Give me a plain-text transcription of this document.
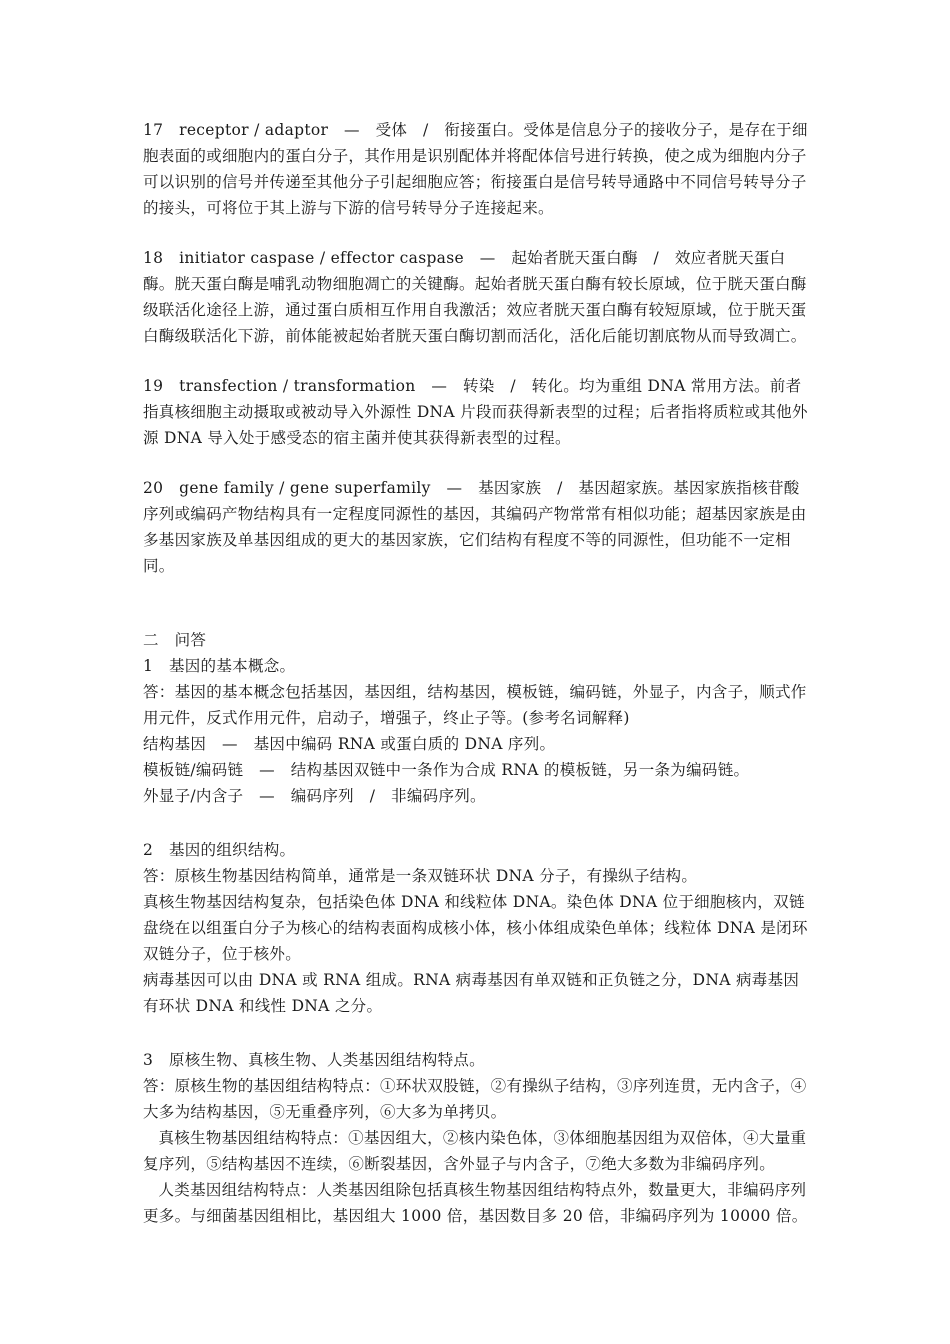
17　receptor / adaptor　—　受体　/　衔接蛋白。受体是信息分子的接收分子，是存在于细胞表面的或细胞内的蛋白分子，其作用是识别配体并将配体信号进行转换，使之成为细胞内分子可以识别的信号并传递至其他分子引起细胞应答；衔接蛋白是信号转导通路中不同信号转导分子的接头，可将位于其上游与下游的信号转导分子连接起来。

18　initiator caspase / effector caspase　—　起始者胱天蛋白酶　/　效应者胱天蛋白酶。胱天蛋白酶是哺乳动物细胞凋亡的关键酶。起始者胱天蛋白酶有较长原域，位于胱天蛋白酶级联活化途径上游，通过蛋白质相互作用自我激活；效应者胱天蛋白酶有较短原域，位于胱天蛋白酶级联活化下游，前体能被起始者胱天蛋白酶切割而活化，活化后能切割底物从而导致凋亡。

19　transfection / transformation　—　转染　/　转化。均为重组 DNA 常用方法。前者指真核细胞主动摄取或被动导入外源性 DNA 片段而获得新表型的过程；后者指将质粒或其他外源 DNA 导入处于感受态的宿主菌并使其获得新表型的过程。

20　gene family / gene superfamily　—　基因家族　/　基因超家族。基因家族指核苷酸序列或编码产物结构具有一定程度同源性的基因，其编码产物常常有相似功能；超基因家族是由多基因家族及单基因组成的更大的基因家族，它们结构有程度不等的同源性，但功能不一定相同。

二　问答

1　基因的基本概念。

答：基因的基本概念包括基因，基因组，结构基因，模板链，编码链，外显子，内含子，顺式作用元件，反式作用元件，启动子，增强子，终止子等。(参考名词解释)

结构基因　—　基因中编码 RNA 或蛋白质的 DNA 序列。

模板链/编码链　—　结构基因双链中一条作为合成 RNA 的模板链，另一条为编码链。

外显子/内含子　—　编码序列　/　非编码序列。

2　基因的组织结构。

答：原核生物基因结构简单，通常是一条双链环状 DNA 分子，有操纵子结构。

真核生物基因结构复杂，包括染色体 DNA 和线粒体 DNA。染色体 DNA 位于细胞核内，双链盘绕在以组蛋白分子为核心的结构表面构成核小体，核小体组成染色单体；线粒体 DNA 是闭环双链分子，位于核外。

病毒基因可以由 DNA 或 RNA 组成。RNA 病毒基因有单双链和正负链之分，DNA 病毒基因有环状 DNA 和线性 DNA 之分。

3　原核生物、真核生物、人类基因组结构特点。

答：原核生物的基因组结构特点：①环状双股链，②有操纵子结构，③序列连贯，无内含子，④大多为结构基因，⑤无重叠序列，⑥大多为单拷贝。

真核生物基因组结构特点：①基因组大，②核内染色体，③体细胞基因组为双倍体，④大量重复序列，⑤结构基因不连续，⑥断裂基因，含外显子与内含子，⑦绝大多数为非编码序列。

人类基因组结构特点：人类基因组除包括真核生物基因组结构特点外，数量更大，非编码序列更多。与细菌基因组相比，基因组大 1000 倍，基因数目多 20 倍，非编码序列为 10000 倍。
